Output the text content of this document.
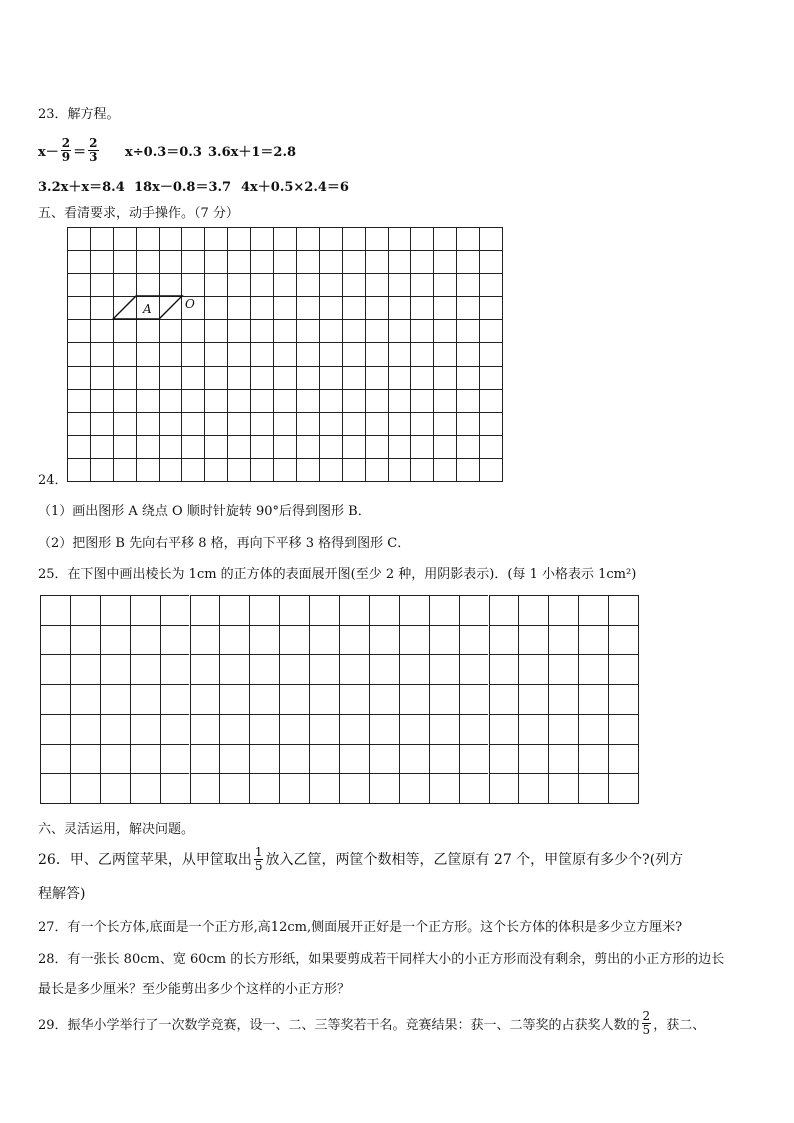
23．解方程。
$x- \frac{2}{9} = \frac{2}{3} x\div 0.3=0.3$ 3.6x＋1＝2.8
3.2x＋x＝8.4 18x－0.8＝3.7 4x＋0.5×2.4＝6
五、看清要求，动手操作。（7 分）
24．
A	O
（1）画出图形 A 绕点 O 顺时针旋转 90°后得到图形 B．
（2）把图形 B 先向右平移 8 格，再向下平移 3 格得到图形 C．
25．在下图中画出棱长为 1cm 的正方体的表面展开图(至少 2 种，用阴影表示)．(每 1 小格表示 1cm²)
六、灵活运用，解决问题。
26．甲、乙两筐苹果，从甲筐取出 $\frac{1}{5}$ 放入乙筐，两筐个数相等，乙筐原有 27 个，甲筐原有多少个?(列方
程解答)
27．有一个长方体,底面是一个正方形,高12cm,侧面展开正好是一个正方形。这个长方体的体积是多少立方厘米?
28．有一张长 80cm、宽 60cm 的长方形纸，如果要剪成若干同样大小的小正方形而没有剩余，剪出的小正方形的边长
最长是多少厘米？至少能剪出多少个这样的小正方形？
29．振华小学举行了一次数学竞赛，设一、二、三等奖若干名。竞赛结果：获一、二等奖的占获奖人数的 $\frac{2}{5}$ ，获二、
